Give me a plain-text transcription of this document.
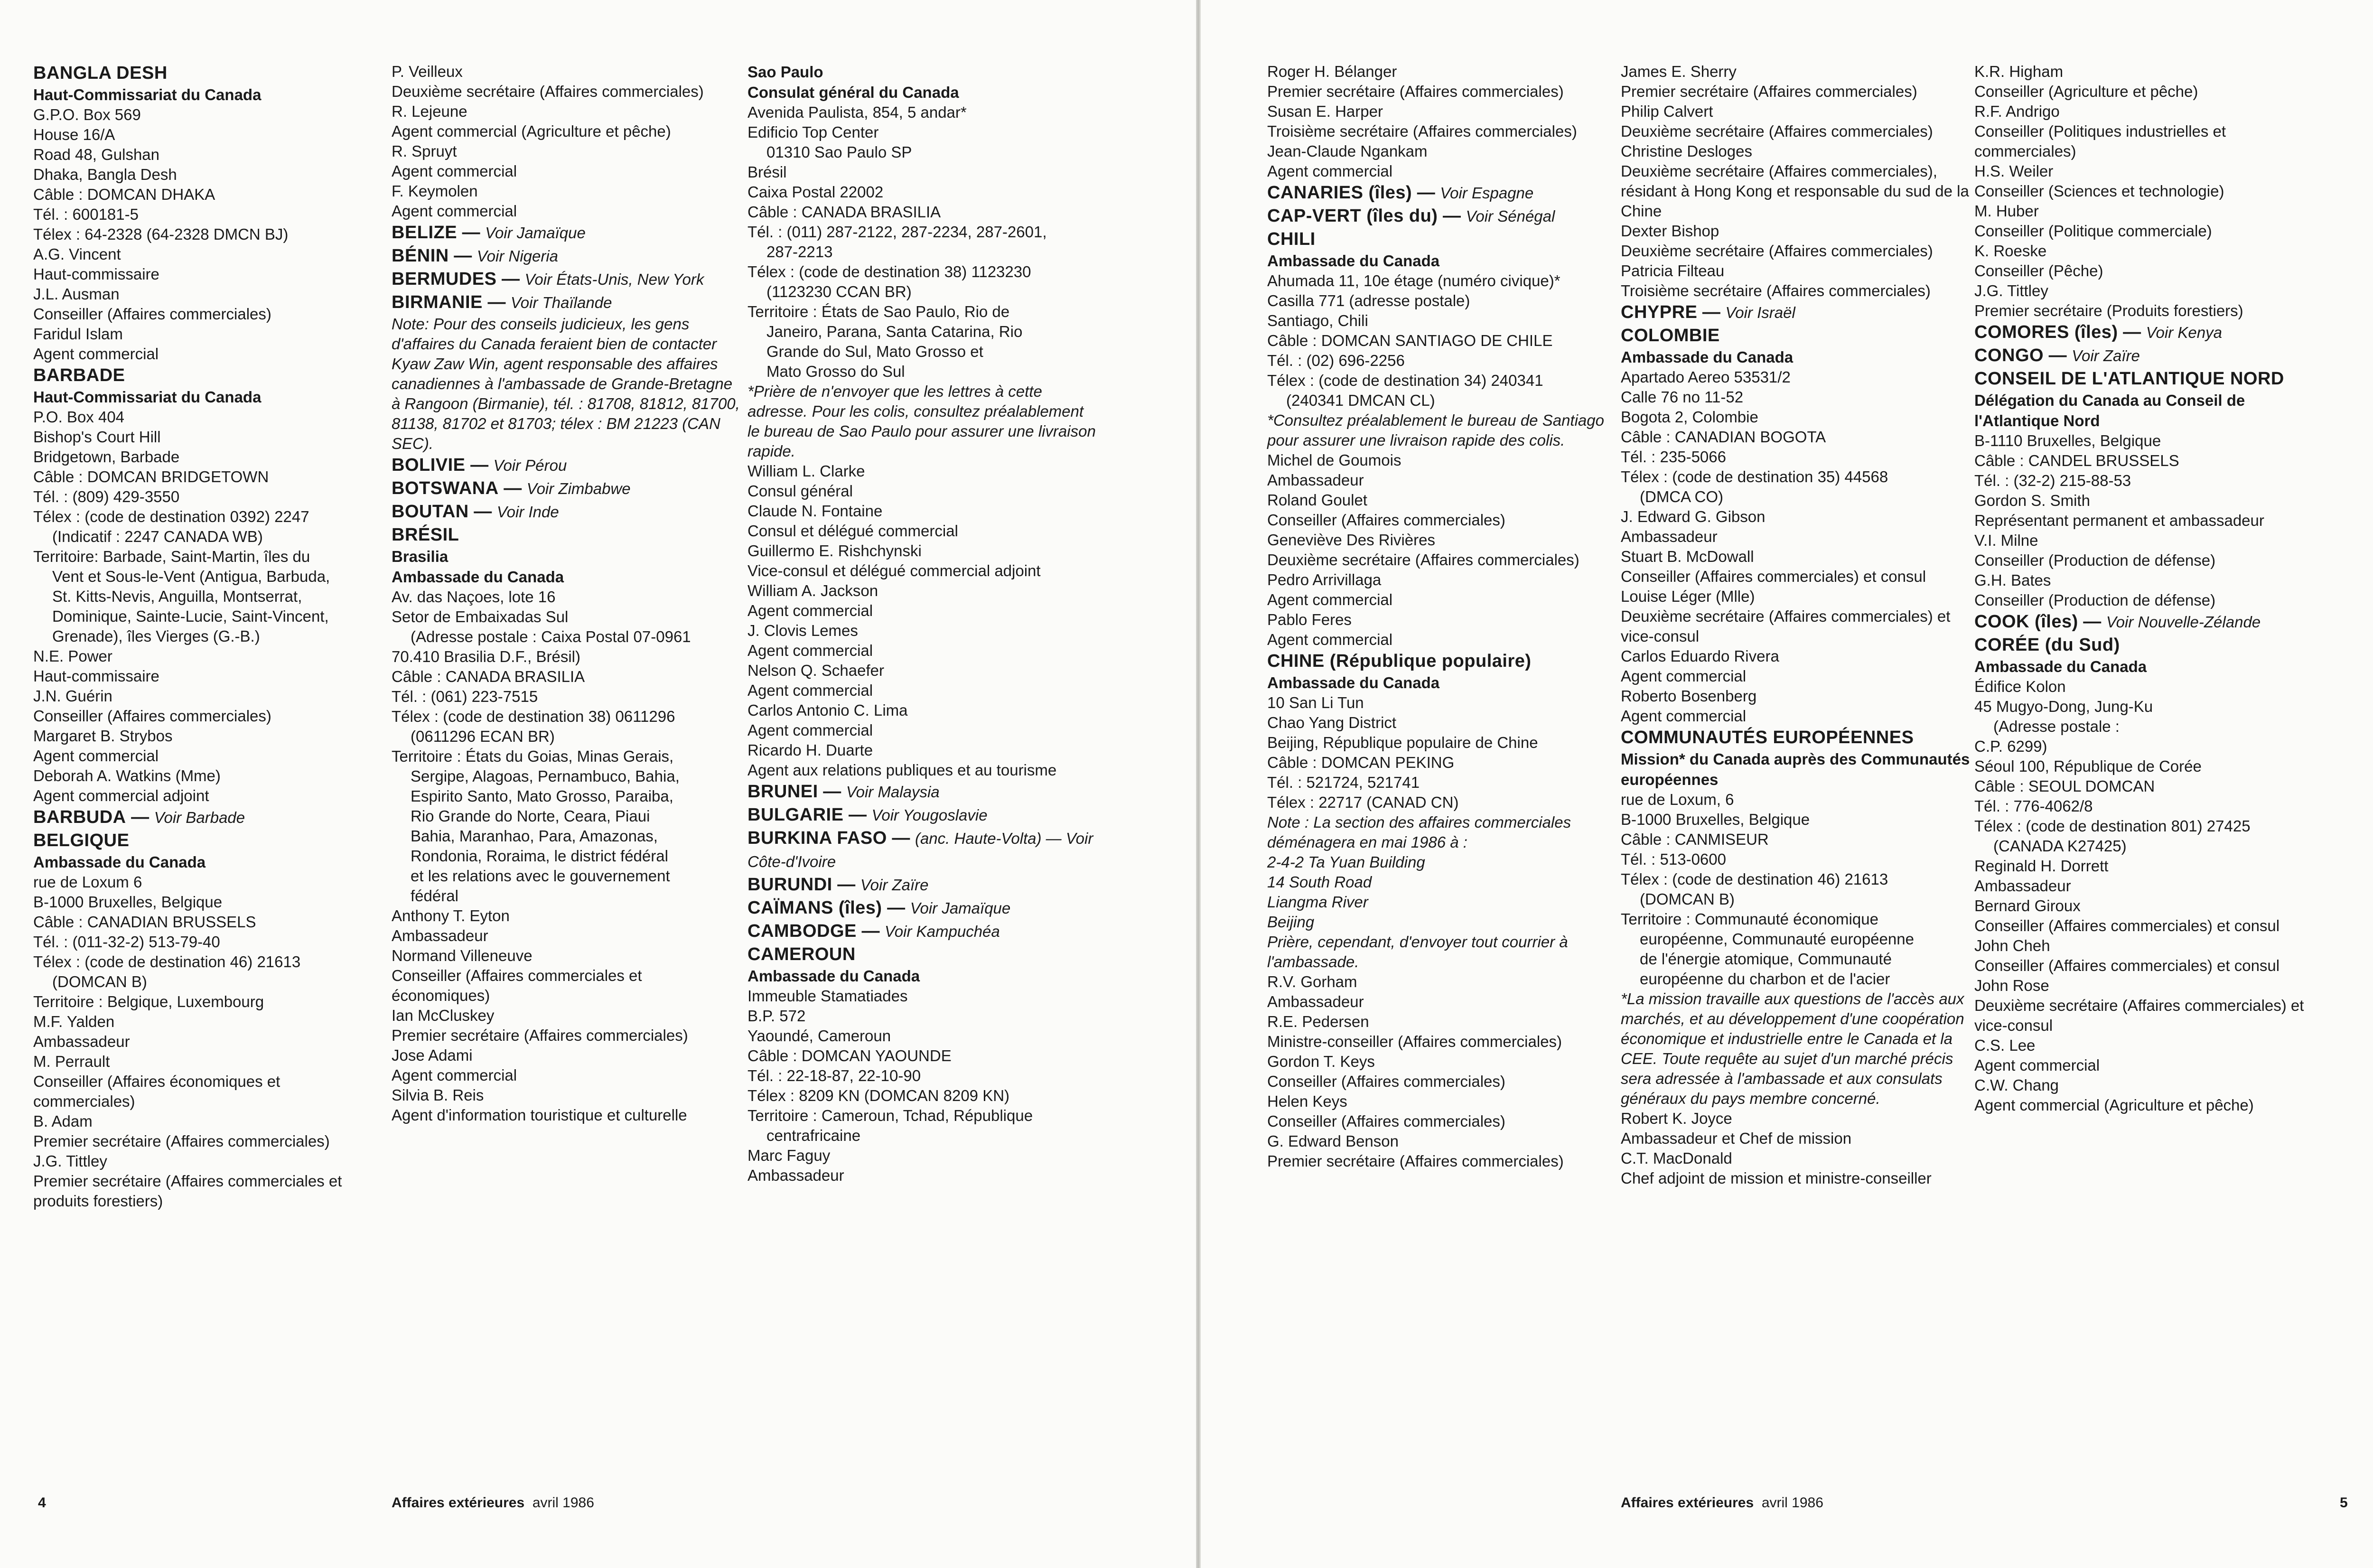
BANGLA DESH
Haut-Commissariat du Canada
G.P.O. Box 569
House 16/A
Road 48, Gulshan
Dhaka, Bangla Desh
Câble : DOMCAN DHAKA
Tél. : 600181-5
Télex : 64-2328 (64-2328 DMCN BJ)
A.G. Vincent
Haut-commissaire
J.L. Ausman
Conseiller (Affaires commerciales)
Faridul Islam
Agent commercial
BARBADE
Haut-Commissariat du Canada
P.O. Box 404
Bishop's Court Hill
Bridgetown, Barbade
Câble : DOMCAN BRIDGETOWN
Tél. : (809) 429-3550
Télex : (code de destination 0392) 2247
(Indicatif : 2247 CANADA WB)
Territoire: Barbade, Saint-Martin, îles du
Vent et Sous-le-Vent (Antigua, Barbuda,
St. Kitts-Nevis, Anguilla, Montserrat,
Dominique, Sainte-Lucie, Saint-Vincent,
Grenade), îles Vierges (G.-B.)
N.E. Power
Haut-commissaire
J.N. Guérin
Conseiller (Affaires commerciales)
Margaret B. Strybos
Agent commercial
Deborah A. Watkins (Mme)
Agent commercial adjoint
BARBUDA — Voir Barbade
BELGIQUE
Ambassade du Canada
rue de Loxum 6
B-1000 Bruxelles, Belgique
Câble : CANADIAN BRUSSELS
Tél. : (011-32-2) 513-79-40
Télex : (code de destination 46) 21613
(DOMCAN B)
Territoire : Belgique, Luxembourg
M.F. Yalden
Ambassadeur
M. Perrault
Conseiller (Affaires économiques et commerciales)
B. Adam
Premier secrétaire (Affaires commerciales)
J.G. Tittley
Premier secrétaire (Affaires commerciales et produits forestiers)
P. Veilleux
Deuxième secrétaire (Affaires commerciales)
R. Lejeune
Agent commercial (Agriculture et pêche)
R. Spruyt
Agent commercial
F. Keymolen
Agent commercial
BELIZE — Voir Jamaïque
BÉNIN — Voir Nigeria
BERMUDES — Voir États-Unis, New York
BIRMANIE — Voir Thaïlande
Note: Pour des conseils judicieux, les gens d'affaires du Canada feraient bien de contacter Kyaw Zaw Win, agent responsable des affaires canadiennes à l'ambassade de Grande-Bretagne à Rangoon (Birmanie), tél. : 81708, 81812, 81700, 81138, 81702 et 81703; télex : BM 21223 (CAN SEC).
BOLIVIE — Voir Pérou
BOTSWANA — Voir Zimbabwe
BOUTAN — Voir Inde
BRÉSIL
Brasilia
Ambassade du Canada
Av. das Naçoes, lote 16
Setor de Embaixadas Sul
(Adresse postale : Caixa Postal 07-0961
70.410 Brasilia D.F., Brésil)
Câble : CANADA BRASILIA
Tél. : (061) 223-7515
Télex : (code de destination 38) 0611296
(0611296 ECAN BR)
Territoire : États du Goias, Minas Gerais,
Sergipe, Alagoas, Pernambuco, Bahia,
Espirito Santo, Mato Grosso, Paraiba,
Rio Grande do Norte, Ceara, Piaui
Bahia, Maranhao, Para, Amazonas,
Rondonia, Roraima, le district fédéral
et les relations avec le gouvernement
fédéral
Anthony T. Eyton
Ambassadeur
Normand Villeneuve
Conseiller (Affaires commerciales et économiques)
Ian McCluskey
Premier secrétaire (Affaires commerciales)
Jose Adami
Agent commercial
Silvia B. Reis
Agent d'information touristique et culturelle
Sao Paulo
Consulat général du Canada
Avenida Paulista, 854, 5 andar*
Edificio Top Center
01310 Sao Paulo SP
Brésil
Caixa Postal 22002
Câble : CANADA BRASILIA
Tél. : (011) 287-2122, 287-2234, 287-2601,
287-2213
Télex : (code de destination 38) 1123230
(1123230 CCAN BR)
Territoire : États de Sao Paulo, Rio de
Janeiro, Parana, Santa Catarina, Rio
Grande do Sul, Mato Grosso et
Mato Grosso do Sul
*Prière de n'envoyer que les lettres à cette adresse. Pour les colis, consultez préalablement le bureau de Sao Paulo pour assurer une livraison rapide.
William L. Clarke
Consul général
Claude N. Fontaine
Consul et délégué commercial
Guillermo E. Rishchynski
Vice-consul et délégué commercial adjoint
William A. Jackson
Agent commercial
J. Clovis Lemes
Agent commercial
Nelson Q. Schaefer
Agent commercial
Carlos Antonio C. Lima
Agent commercial
Ricardo H. Duarte
Agent aux relations publiques et au tourisme
BRUNEI — Voir Malaysia
BULGARIE — Voir Yougoslavie
BURKINA FASO — (anc. Haute-Volta) — Voir Côte-d'Ivoire
BURUNDI — Voir Zaïre
CAÏMANS (îles) — Voir Jamaïque
CAMBODGE — Voir Kampuchéa
CAMEROUN
Ambassade du Canada
Immeuble Stamatiades
B.P. 572
Yaoundé, Cameroun
Câble : DOMCAN YAOUNDE
Tél. : 22-18-87, 22-10-90
Télex : 8209 KN (DOMCAN 8209 KN)
Territoire : Cameroun, Tchad, République
centrafricaine
Marc Faguy
Ambassadeur
4	Affaires extérieures avril 1986
Roger H. Bélanger
Premier secrétaire (Affaires commerciales)
Susan E. Harper
Troisième secrétaire (Affaires commerciales)
Jean-Claude Ngankam
Agent commercial
CANARIES (îles) — Voir Espagne
CAP-VERT (îles du) — Voir Sénégal
CHILI
Ambassade du Canada
Ahumada 11, 10e étage (numéro civique)*
Casilla 771 (adresse postale)
Santiago, Chili
Câble : DOMCAN SANTIAGO DE CHILE
Tél. : (02) 696-2256
Télex : (code de destination 34) 240341
(240341 DMCAN CL)
*Consultez préalablement le bureau de Santiago pour assurer une livraison rapide des colis.
Michel de Goumois
Ambassadeur
Roland Goulet
Conseiller (Affaires commerciales)
Geneviève Des Rivières
Deuxième secrétaire (Affaires commerciales)
Pedro Arrivillaga
Agent commercial
Pablo Feres
Agent commercial
CHINE (République populaire)
Ambassade du Canada
10 San Li Tun
Chao Yang District
Beijing, République populaire de Chine
Câble : DOMCAN PEKING
Tél. : 521724, 521741
Télex : 22717 (CANAD CN)
Note : La section des affaires commerciales déménagera en mai 1986 à :
2-4-2 Ta Yuan Building
14 South Road
Liangma River
Beijing
Prière, cependant, d'envoyer tout courrier à l'ambassade.
R.V. Gorham
Ambassadeur
R.E. Pedersen
Ministre-conseiller (Affaires commerciales)
Gordon T. Keys
Conseiller (Affaires commerciales)
Helen Keys
Conseiller (Affaires commerciales)
G. Edward Benson
Premier secrétaire (Affaires commerciales)
James E. Sherry
Premier secrétaire (Affaires commerciales)
Philip Calvert
Deuxième secrétaire (Affaires commerciales)
Christine Desloges
Deuxième secrétaire (Affaires commerciales), résidant à Hong Kong et responsable du sud de la Chine
Dexter Bishop
Deuxième secrétaire (Affaires commerciales)
Patricia Filteau
Troisième secrétaire (Affaires commerciales)
CHYPRE — Voir Israël
COLOMBIE
Ambassade du Canada
Apartado Aereo 53531/2
Calle 76 no 11-52
Bogota 2, Colombie
Câble : CANADIAN BOGOTA
Tél. : 235-5066
Télex : (code de destination 35) 44568
(DMCA CO)
J. Edward G. Gibson
Ambassadeur
Stuart B. McDowall
Conseiller (Affaires commerciales) et consul
Louise Léger (Mlle)
Deuxième secrétaire (Affaires commerciales) et vice-consul
Carlos Eduardo Rivera
Agent commercial
Roberto Bosenberg
Agent commercial
COMMUNAUTÉS EUROPÉENNES
Mission* du Canada auprès des Communautés européennes
rue de Loxum, 6
B-1000 Bruxelles, Belgique
Câble : CANMISEUR
Tél. : 513-0600
Télex : (code de destination 46) 21613
(DOMCAN B)
Territoire : Communauté économique
européenne, Communauté européenne
de l'énergie atomique, Communauté
européenne du charbon et de l'acier
*La mission travaille aux questions de l'accès aux marchés, et au développement d'une coopération économique et industrielle entre le Canada et la CEE. Toute requête au sujet d'un marché précis sera adressée à l'ambassade et aux consulats généraux du pays membre concerné.
Robert K. Joyce
Ambassadeur et Chef de mission
C.T. MacDonald
Chef adjoint de mission et ministre-conseiller
K.R. Higham
Conseiller (Agriculture et pêche)
R.F. Andrigo
Conseiller (Politiques industrielles et commerciales)
H.S. Weiler
Conseiller (Sciences et technologie)
M. Huber
Conseiller (Politique commerciale)
K. Roeske
Conseiller (Pêche)
J.G. Tittley
Premier secrétaire (Produits forestiers)
COMORES (îles) — Voir Kenya
CONGO — Voir Zaïre
CONSEIL DE L'ATLANTIQUE NORD
Délégation du Canada au Conseil de l'Atlantique Nord
B-1110 Bruxelles, Belgique
Câble : CANDEL BRUSSELS
Tél. : (32-2) 215-88-53
Gordon S. Smith
Représentant permanent et ambassadeur
V.I. Milne
Conseiller (Production de défense)
G.H. Bates
Conseiller (Production de défense)
COOK (îles) — Voir Nouvelle-Zélande
CORÉE (du Sud)
Ambassade du Canada
Édifice Kolon
45 Mugyo-Dong, Jung-Ku
(Adresse postale :
C.P. 6299)
Séoul 100, République de Corée
Câble : SEOUL DOMCAN
Tél. : 776-4062/8
Télex : (code de destination 801) 27425
(CANADA K27425)
Reginald H. Dorrett
Ambassadeur
Bernard Giroux
Conseiller (Affaires commerciales) et consul
John Cheh
Conseiller (Affaires commerciales) et consul
John Rose
Deuxième secrétaire (Affaires commerciales) et vice-consul
C.S. Lee
Agent commercial
C.W. Chang
Agent commercial (Agriculture et pêche)
Affaires extérieures avril 1986	5
